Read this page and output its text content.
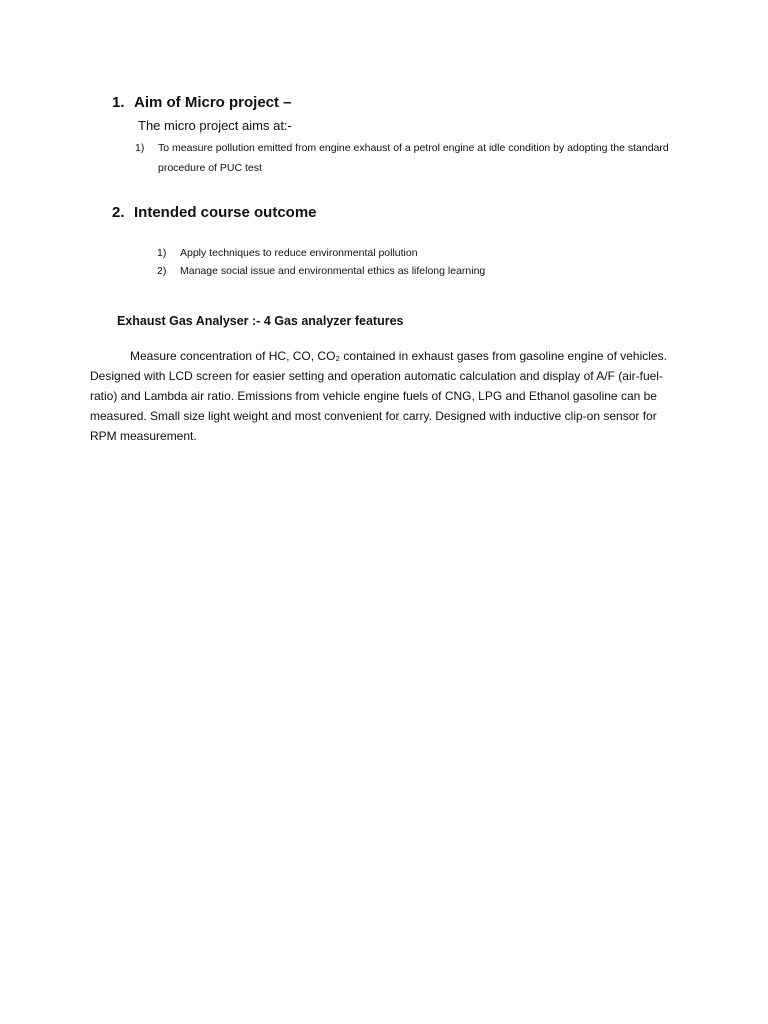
1. Aim of Micro project –
The micro project aims at:-
1) To measure pollution emitted from engine exhaust of a petrol engine at idle condition by adopting the standard procedure of PUC test
2. Intended course outcome
1) Apply techniques to reduce environmental pollution
2) Manage social issue and environmental ethics as lifelong learning
Exhaust Gas Analyser :- 4 Gas analyzer features
Measure concentration of HC, CO, CO₂ contained in exhaust gases from gasoline engine of vehicles. Designed with LCD screen for easier setting and operation automatic calculation and display of A/F (air-fuel-ratio) and Lambda air ratio. Emissions from vehicle engine fuels of CNG, LPG and Ethanol gasoline can be measured. Small size light weight and most convenient for carry. Designed with inductive clip-on sensor for RPM measurement.
